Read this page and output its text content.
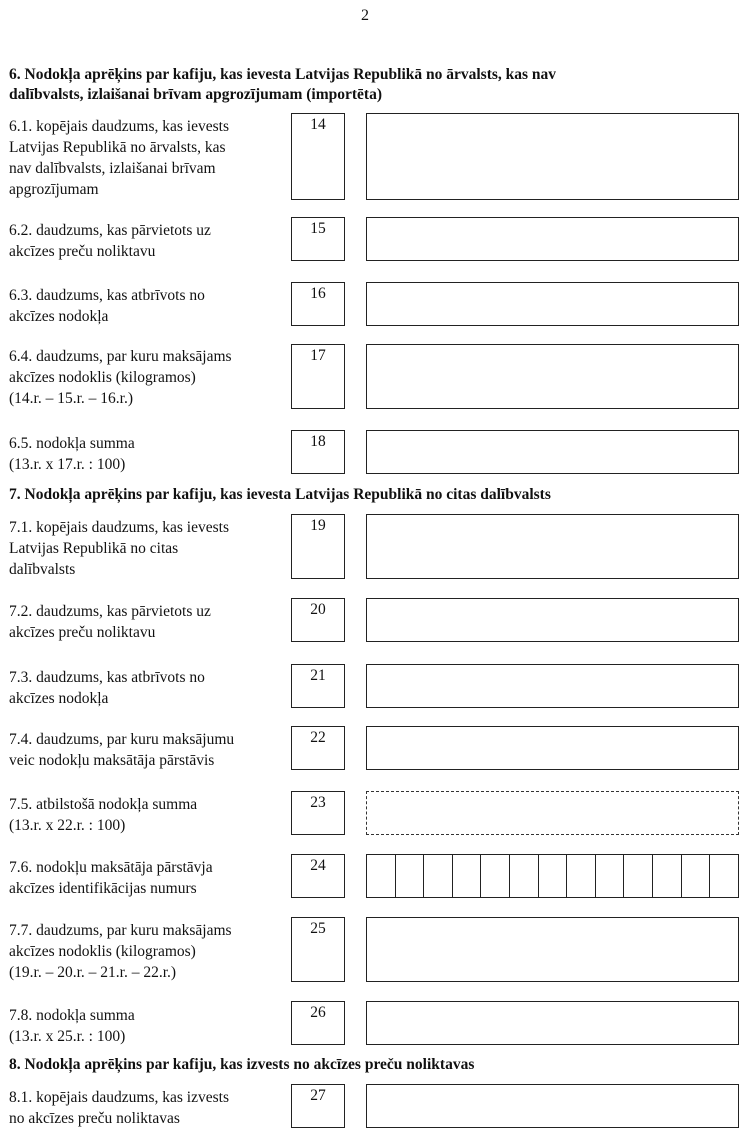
2
6. Nodokļa aprēķins par kafiju, kas ievesta Latvijas Republikā no ārvalsts, kas nav
dalībvalsts, izlaišanai brīvam apgrozījumam (importēta)
6.1. kopējais daudzums, kas ievests
Latvijas Republikā no ārvalsts, kas
nav dalībvalsts, izlaišanai brīvam
apgrozījumam
14
6.2. daudzums, kas pārvietots uz
akcīzes preču noliktavu
15
6.3. daudzums, kas atbrīvots no
akcīzes nodokļa
16
6.4. daudzums, par kuru maksājams
akcīzes nodoklis (kilogramos)
(14.r. – 15.r. – 16.r.)
17
6.5. nodokļa summa
(13.r. x 17.r. : 100)
18
7. Nodokļa aprēķins par kafiju, kas ievesta Latvijas Republikā no citas dalībvalsts
7.1. kopējais daudzums, kas ievests
Latvijas Republikā no citas
dalībvalsts
19
7.2. daudzums, kas pārvietots uz
akcīzes preču noliktavu
20
7.3. daudzums, kas atbrīvots no
akcīzes nodokļa
21
7.4. daudzums, par kuru maksājumu
veic nodokļu maksātāja pārstāvis
22
7.5. atbilstošā nodokļa summa
(13.r. x 22.r. : 100)
23
7.6. nodokļu maksātāja pārstāvja
akcīzes identifikācijas numurs
24
7.7. daudzums, par kuru maksājams
akcīzes nodoklis (kilogramos)
(19.r. – 20.r. – 21.r. – 22.r.)
25
7.8. nodokļa summa
(13.r. x 25.r. : 100)
26
8. Nodokļa aprēķins par kafiju, kas izvests no akcīzes preču noliktavas
8.1. kopējais daudzums, kas izvests
no akcīzes preču noliktavas
27
